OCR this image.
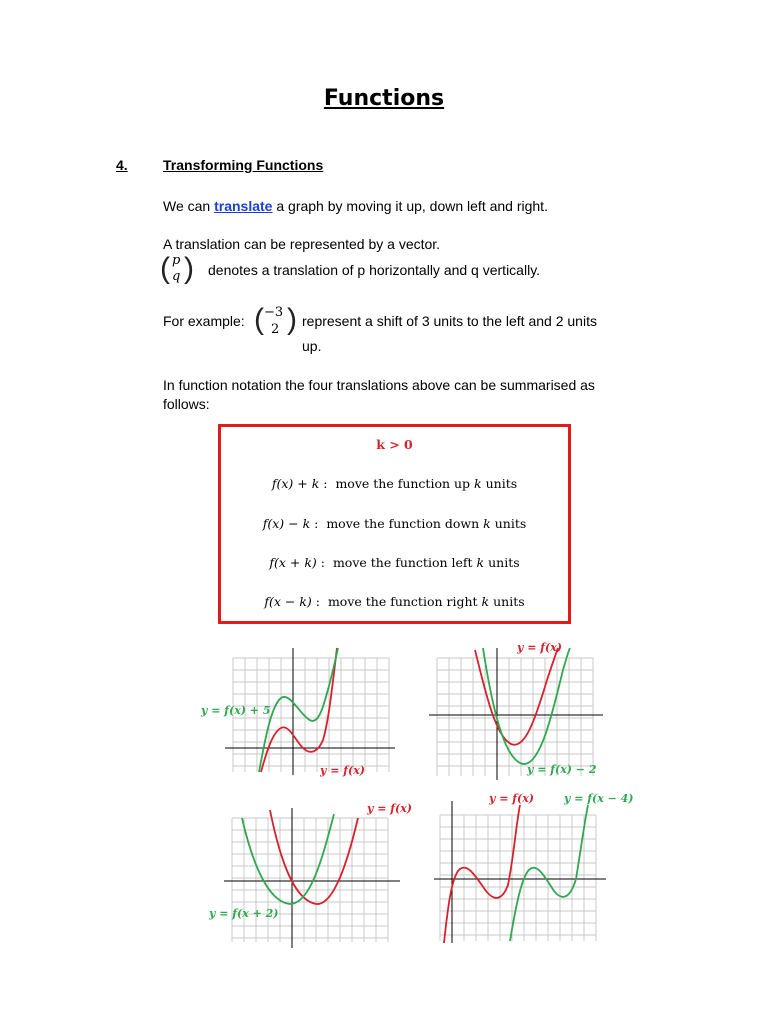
Functions
4.	Transforming Functions
We can translate a graph by moving it up, down left and right.
A translation can be represented by a vector.
( p
q ) denotes a translation of p horizontally and q vertically.
For example: ( −3
2 ) represent a shift of 3 units to the left and 2 units
up.
In function notation the four translations above can be summarised as
follows:
k > 0
f(x) + k : move the function up k units
f(x) − k : move the function down k units
f(x + k) : move the function left k units
f(x − k) : move the function right k units
y = f(x) + 5
y = f(x)
y = f(x)
y = f(x) − 2
y = f(x)
y = f(x + 2)
y = f(x)	y = f(x − 4)
